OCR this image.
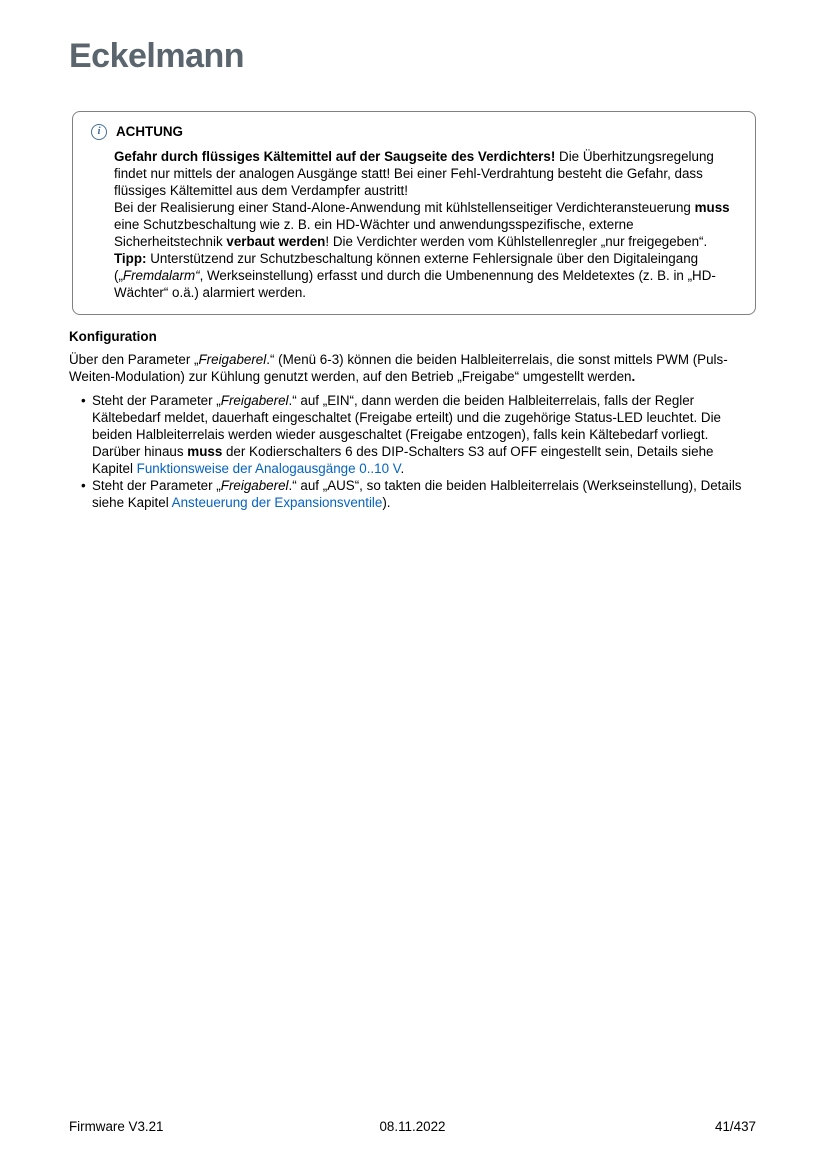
Eckelmann
i	ACHTUNG

Gefahr durch flüssiges Kältemittel auf der Saugseite des Verdichters! Die Überhitzungsregelung findet nur mittels der analogen Ausgänge statt! Bei einer Fehl-Verdrahtung besteht die Gefahr, dass flüssiges Kältemittel aus dem Verdampfer austritt!

Bei der Realisierung einer Stand-Alone-Anwendung mit kühlstellenseitiger Verdichteransteuerung muss eine Schutzbeschaltung wie z. B. ein HD-Wächter und anwendungsspezifische, externe Sicherheitstechnik verbaut werden! Die Verdichter werden vom Kühlstellenregler „nur freigegeben“.

Tipp: Unterstützend zur Schutzbeschaltung können externe Fehlersignale über den Digitaleingang („Fremdalarm“, Werkseinstellung) erfasst und durch die Umbenennung des Meldetextes (z. B. in „HD-Wächter“ o.ä.) alarmiert werden.

Konfiguration

Über den Parameter „Freigaberel.“ (Menü 6-3) können die beiden Halbleiterrelais, die sonst mittels PWM (Puls-Weiten-Modulation) zur Kühlung genutzt werden, auf den Betrieb „Freigabe“ umgestellt werden.

• Steht der Parameter „Freigaberel.“ auf „EIN“, dann werden die beiden Halbleiterrelais, falls der Regler Kältebedarf meldet, dauerhaft eingeschaltet (Freigabe erteilt) und die zugehörige Status-LED leuchtet. Die beiden Halbleiterrelais werden wieder ausgeschaltet (Freigabe entzogen), falls kein Kältebedarf vorliegt. Darüber hinaus muss der Kodierschalters 6 des DIP-Schalters S3 auf OFF eingestellt sein, Details siehe Kapitel Funktionsweise der Analogausgänge 0..10 V.
• Steht der Parameter „Freigaberel.“ auf „AUS“, so takten die beiden Halbleiterrelais (Werkseinstellung), Details siehe Kapitel Ansteuerung der Expansionsventile).
Firmware V3.21	08.11.2022	41/437
